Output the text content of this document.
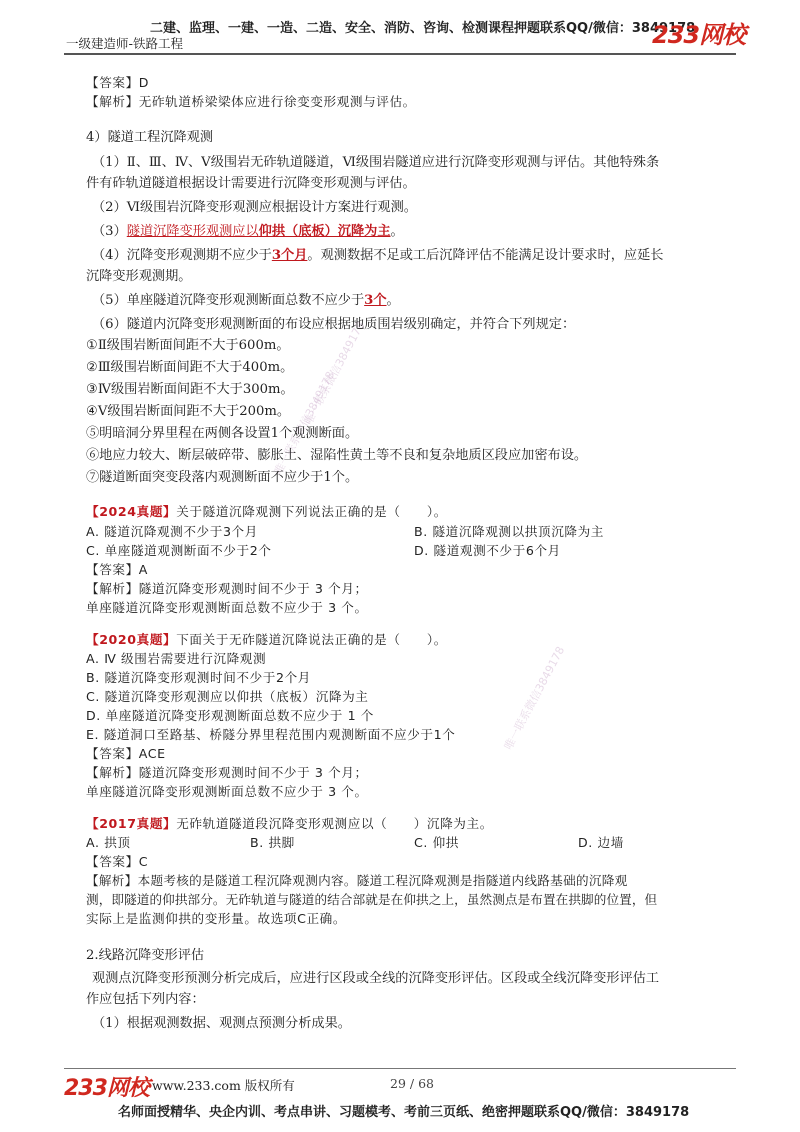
二建、监理、一建、一造、二造、安全、消防、咨询、检测课程押题联系QQ/微信：3849178
一级建造师-铁路工程	233网校
唯一联系微信3849178
唯一联系微信3849178
唯一联系微信3849178
【答案】D
【解析】无砟轨道桥梁梁体应进行徐变变形观测与评估。
4）隧道工程沉降观测
（1）Ⅱ、Ⅲ、Ⅳ、Ⅴ级围岩无砟轨道隧道，Ⅵ级围岩隧道应进行沉降变形观测与评估。其他特殊条
件有砟轨道隧道根据设计需要进行沉降变形观测与评估。
（2）Ⅵ级围岩沉降变形观测应根据设计方案进行观测。
（3）隧道沉降变形观测应以仰拱（底板）沉降为主。
（4）沉降变形观测期不应少于3个月。观测数据不足或工后沉降评估不能满足设计要求时，应延长
沉降变形观测期。
（5）单座隧道沉降变形观测断面总数不应少于3个。
（6）隧道内沉降变形观测断面的布设应根据地质围岩级别确定，并符合下列规定：
①Ⅱ级围岩断面间距不大于600m。
②Ⅲ级围岩断面间距不大于400m。
③Ⅳ级围岩断面间距不大于300m。
④Ⅴ级围岩断面间距不大于200m。
⑤明暗洞分界里程在两侧各设置1个观测断面。
⑥地应力较大、断层破碎带、膨胀土、湿陷性黄土等不良和复杂地质区段应加密布设。
⑦隧道断面突变段落内观测断面不应少于1个。
【2024真题】关于隧道沉降观测下列说法正确的是（　　）。
A. 隧道沉降观测不少于3个月	B. 隧道沉降观测以拱顶沉降为主
C. 单座隧道观测断面不少于2个	D. 隧道观测不少于6个月
【答案】A
【解析】隧道沉降变形观测时间不少于 3 个月；
单座隧道沉降变形观测断面总数不应少于 3 个。
【2020真题】下面关于无砟隧道沉降说法正确的是（　　）。
A. Ⅳ 级围岩需要进行沉降观测
B. 隧道沉降变形观测时间不少于2个月
C. 隧道沉降变形观测应以仰拱（底板）沉降为主
D. 单座隧道沉降变形观测断面总数不应少于 1 个
E. 隧道洞口至路基、桥隧分界里程范围内观测断面不应少于1个
【答案】ACE
【解析】隧道沉降变形观测时间不少于 3 个月；
单座隧道沉降变形观测断面总数不应少于 3 个。
【2017真题】无砟轨道隧道段沉降变形观测应以（　　）沉降为主。
A. 拱顶	B. 拱脚	C. 仰拱	D. 边墙
【答案】C
【解析】本题考核的是隧道工程沉降观测内容。隧道工程沉降观测是指隧道内线路基础的沉降观
测，即隧道的仰拱部分。无砟轨道与隧道的结合部就是在仰拱之上，虽然测点是布置在拱脚的位置，但
实际上是监测仰拱的变形量。故选项C正确。
2.线路沉降变形评估
观测点沉降变形预测分析完成后，应进行区段或全线的沉降变形评估。区段或全线沉降变形评估工
作应包括下列内容：
（1）根据观测数据、观测点预测分析成果。
233网校 www.233.com 版权所有	29 / 68
名师面授精华、央企内训、考点串讲、习题模考、考前三页纸、绝密押题联系QQ/微信：3849178
